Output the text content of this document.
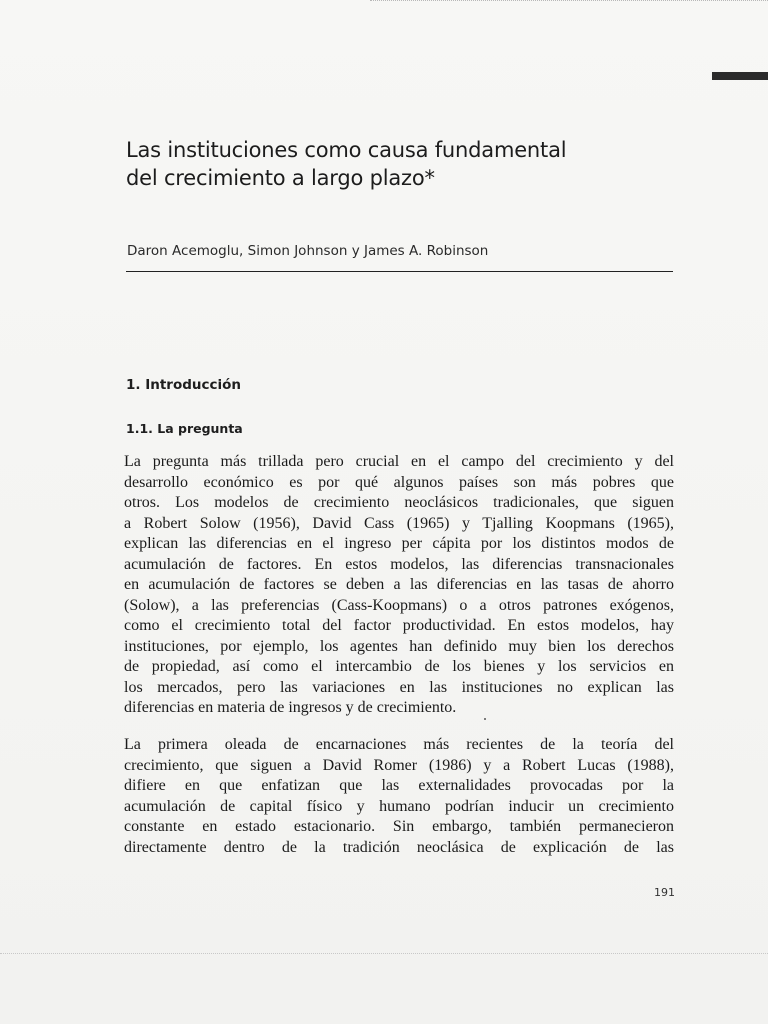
Las instituciones como causa fundamental
del crecimiento a largo plazo*
Daron Acemoglu, Simon Johnson y James A. Robinson
1. Introducción
1.1. La pregunta
La pregunta más trillada pero crucial en el campo del crecimiento y del
desarrollo económico es por qué algunos países son más pobres que
otros. Los modelos de crecimiento neoclásicos tradicionales, que siguen
a Robert Solow (1956), David Cass (1965) y Tjalling Koopmans (1965),
explican las diferencias en el ingreso per cápita por los distintos modos de
acumulación de factores. En estos modelos, las diferencias transnacionales
en acumulación de factores se deben a las diferencias en las tasas de ahorro
(Solow), a las preferencias (Cass-Koopmans) o a otros patrones exógenos,
como el crecimiento total del factor productividad. En estos modelos, hay
instituciones, por ejemplo, los agentes han definido muy bien los derechos
de propiedad, así como el intercambio de los bienes y los servicios en
los mercados, pero las variaciones en las instituciones no explican las
diferencias en materia de ingresos y de crecimiento.
La primera oleada de encarnaciones más recientes de la teoría del
crecimiento, que siguen a David Romer (1986) y a Robert Lucas (1988),
difiere en que enfatizan que las externalidades provocadas por la
acumulación de capital físico y humano podrían inducir un crecimiento
constante en estado estacionario. Sin embargo, también permanecieron
directamente dentro de la tradición neoclásica de explicación de las
191
